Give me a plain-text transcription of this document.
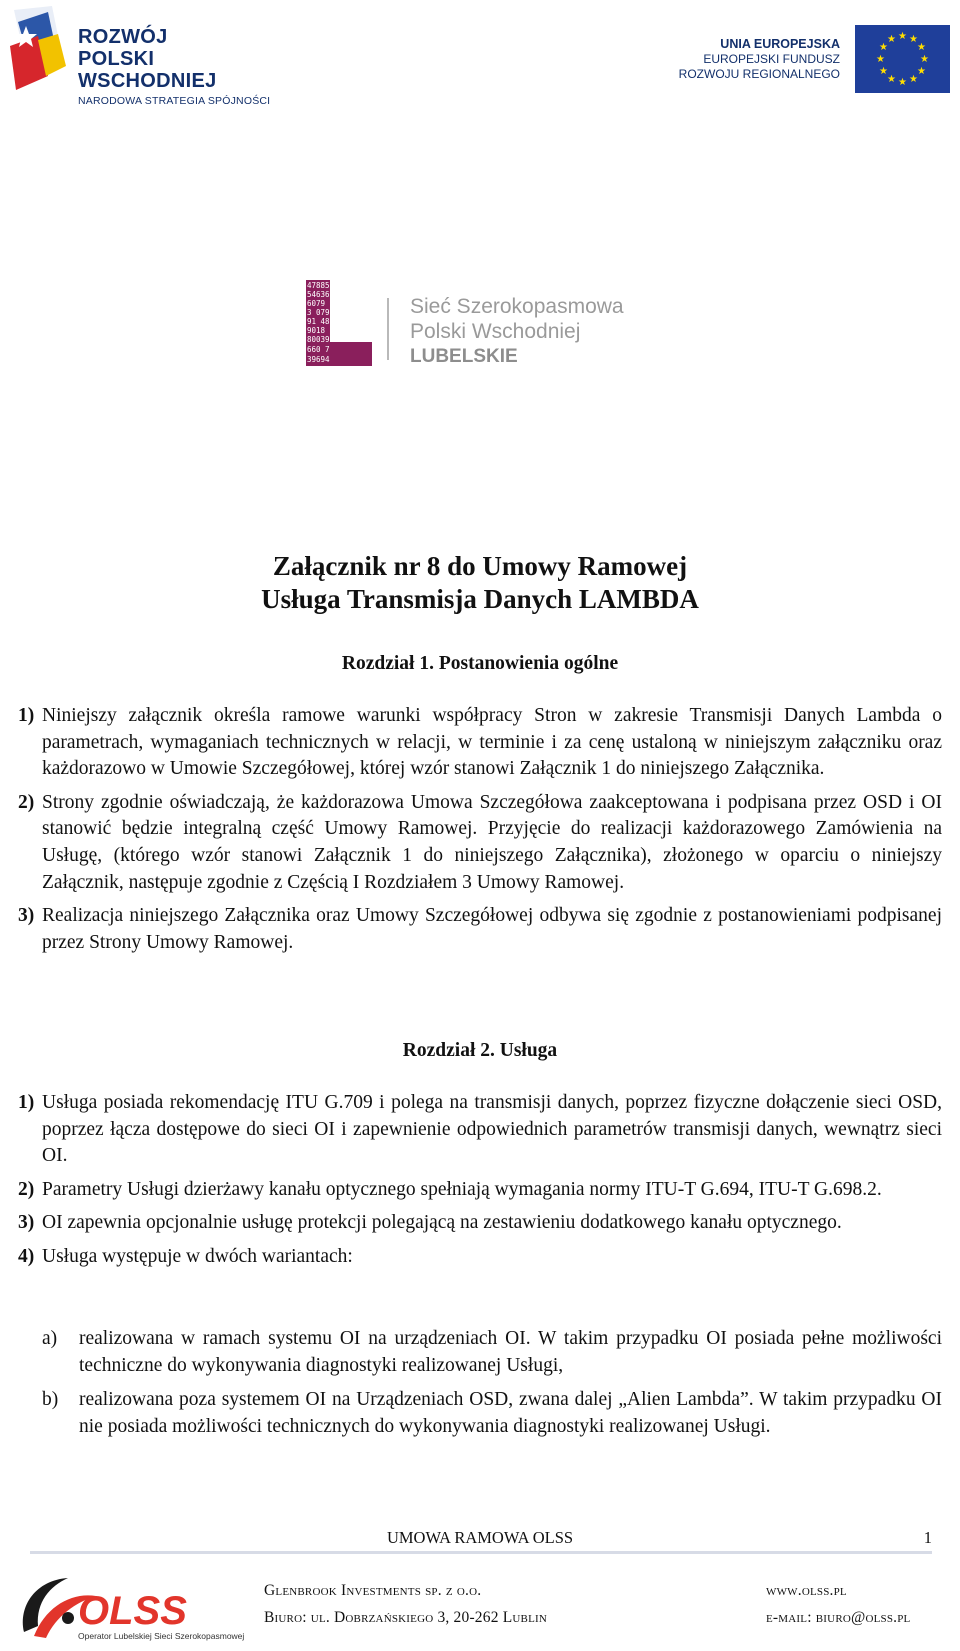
ROZWÓJ
POLSKI WSCHODNIEJ
NARODOWA STRATEGIA SPÓJNOŚCI
UNIA EUROPEJSKA
EUROPEJSKI FUNDUSZ
ROZWOJU REGIONALNEGO
★ ★
★
★
★
★
★
★
★
★
★
★
47885
54636
6079
3 079
91 48
9018
80039
660 7
39694
Sieć Szerokopasmowa
Polski Wschodniej
LUBELSKIE
Załącznik nr 8 do Umowy Ramowej
Usługa Transmisja Danych LAMBDA
Rozdział 1. Postanowienia ogólne
1) Niniejszy załącznik określa ramowe warunki współpracy Stron w zakresie Transmisji Danych Lambda o parametrach, wymaganiach technicznych w relacji, w terminie i za cenę ustaloną w niniejszym załączniku oraz każdorazowo w Umowie Szczegółowej, której wzór stanowi Załącznik 1 do niniejszego Załącznika.
2) Strony zgodnie oświadczają, że każdorazowa Umowa Szczegółowa zaakceptowana i podpisana przez OSD i OI stanowić będzie integralną część Umowy Ramowej. Przyjęcie do realizacji każdorazowego Zamówienia na Usługę, (którego wzór stanowi Załącznik 1 do niniejszego Załącznika), złożonego w oparciu o niniejszy Załącznik, następuje zgodnie z Częścią I Rozdziałem 3 Umowy Ramowej.
3) Realizacja niniejszego Załącznika oraz Umowy Szczegółowej odbywa się zgodnie z postanowieniami podpisanej przez Strony Umowy Ramowej.
Rozdział 2. Usługa
1) Usługa posiada rekomendację ITU G.709 i polega na transmisji danych, poprzez fizyczne dołączenie sieci OSD, poprzez łącza dostępowe do sieci OI i zapewnienie odpowiednich parametrów transmisji danych, wewnątrz sieci OI.
2) Parametry Usługi dzierżawy kanału optycznego spełniają wymagania normy ITU-T G.694, ITU-T G.698.2.
3) OI zapewnia opcjonalnie usługę protekcji polegającą na zestawieniu dodatkowego kanału optycznego.
4) Usługa występuje w dwóch wariantach:
a) realizowana w ramach systemu OI na urządzeniach OI. W takim przypadku OI posiada pełne możliwości techniczne do wykonywania diagnostyki realizowanej Usługi,
b) realizowana poza systemem OI na Urządzeniach OSD, zwana dalej „Alien Lambda”. W takim przypadku OI nie posiada możliwości technicznych do wykonywania diagnostyki realizowanej Usługi.
UMOWA RAMOWA OLSS	1
OLSS
Operator Lubelskiej Sieci Szerokopasmowej
Glenbrook Investments sp. z o.o.
Biuro: ul. Dobrzańskiego 3, 20-262 Lublin
www.olss.pl
e-mail: biuro@olss.pl
